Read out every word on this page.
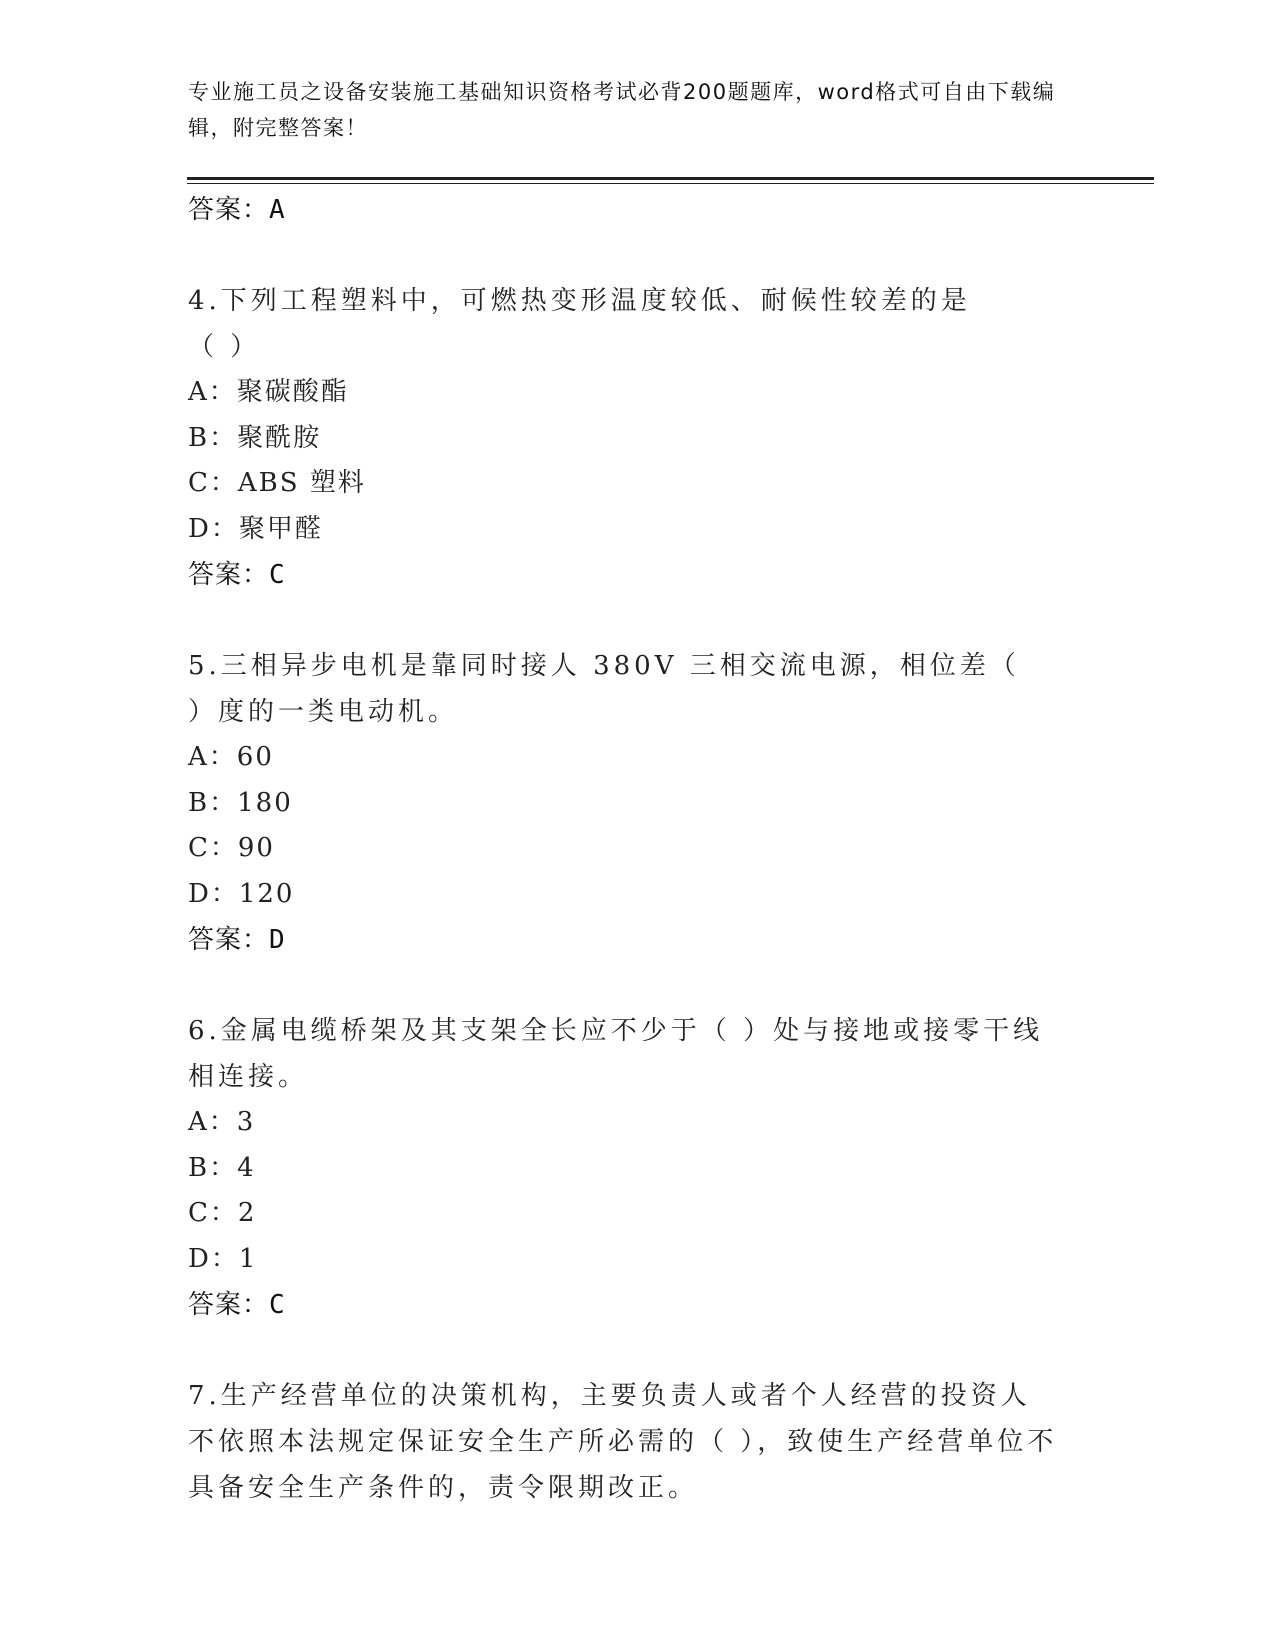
专业施工员之设备安装施工基础知识资格考试必背200题题库，word格式可自由下载编辑，附完整答案！
答案：A
4.下列工程塑料中，可燃热变形温度较低、耐候性较差的是（ ）
A：聚碳酸酯
B：聚酰胺
C：ABS 塑料
D：聚甲醛
答案：C
5.三相异步电机是靠同时接人 380V 三相交流电源，相位差（ ）度的一类电动机。
A：60
B：180
C：90
D：120
答案：D
6.金属电缆桥架及其支架全长应不少于（ ）处与接地或接零干线相连接。
A：3
B：4
C：2
D：1
答案：C
7.生产经营单位的决策机构，主要负责人或者个人经营的投资人不依照本法规定保证安全生产所必需的（ ），致使生产经营单位不具备安全生产条件的，责令限期改正。
